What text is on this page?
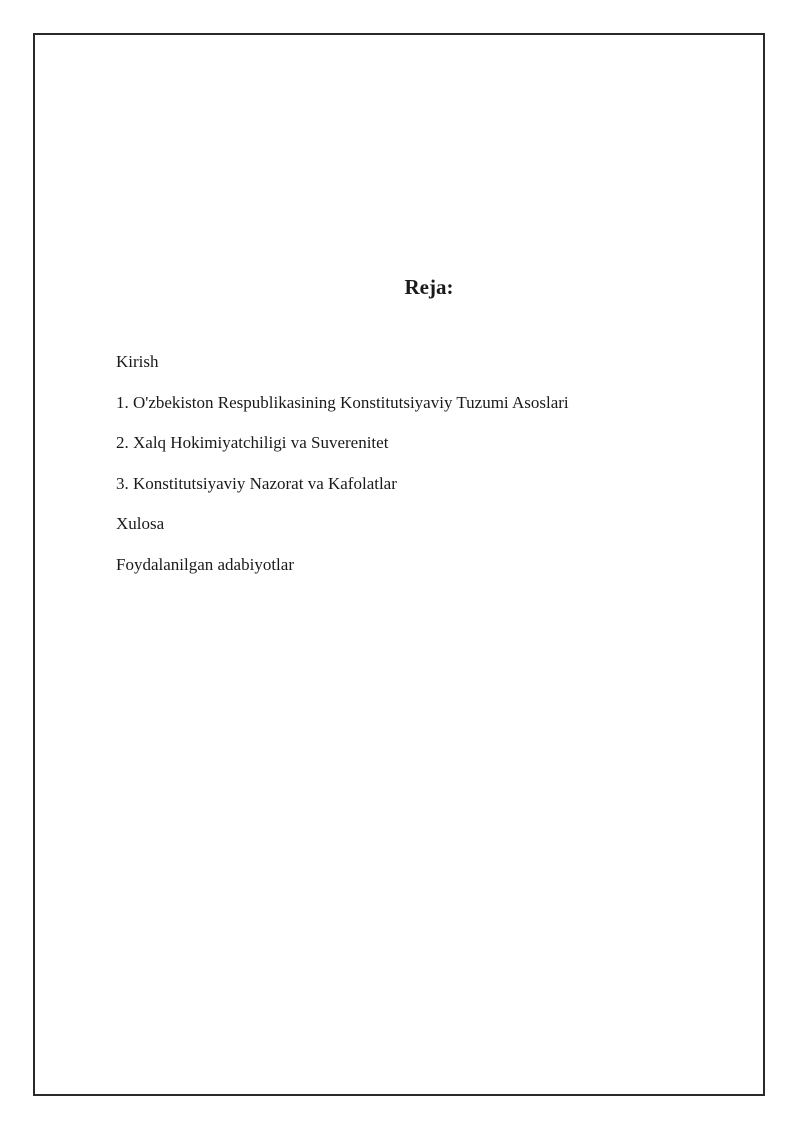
Reja:
Kirish
1. O'zbekiston Respublikasining Konstitutsiyaviy Tuzumi Asoslari
2. Xalq Hokimiyatchiligi va Suverenitet
3. Konstitutsiyaviy Nazorat va Kafolatlar
Xulosa
Foydalanilgan adabiyotlar
